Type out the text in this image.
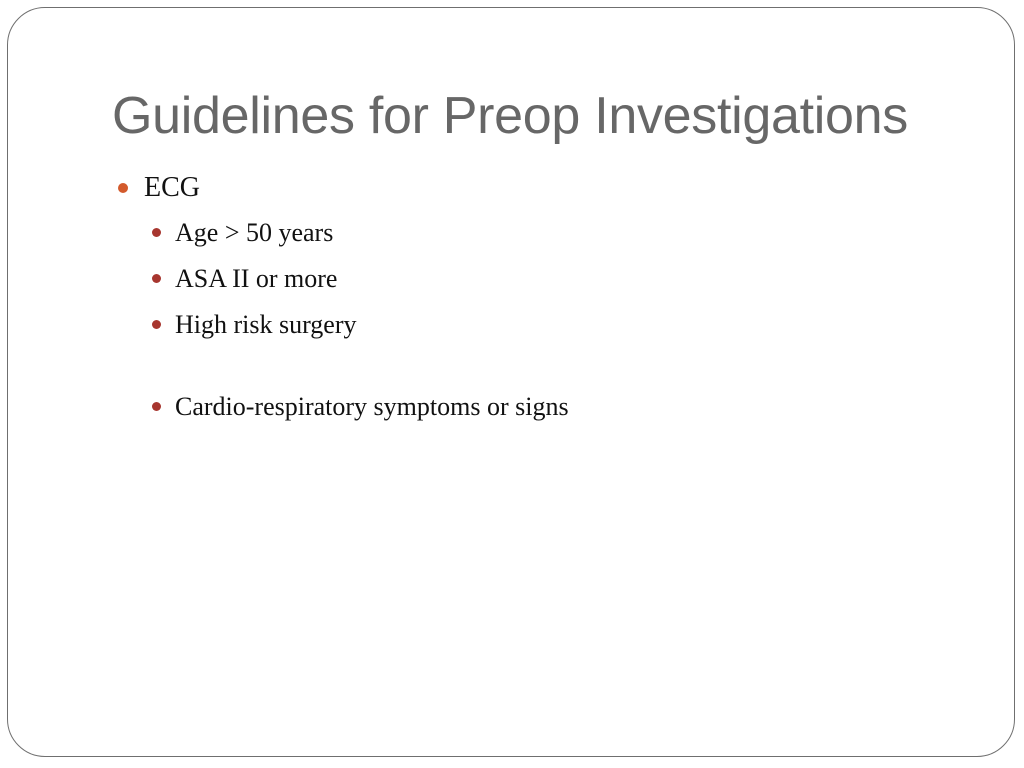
Guidelines for Preop Investigations
ECG
Age > 50 years
ASA II or more
High risk surgery
Cardio-respiratory symptoms or signs
